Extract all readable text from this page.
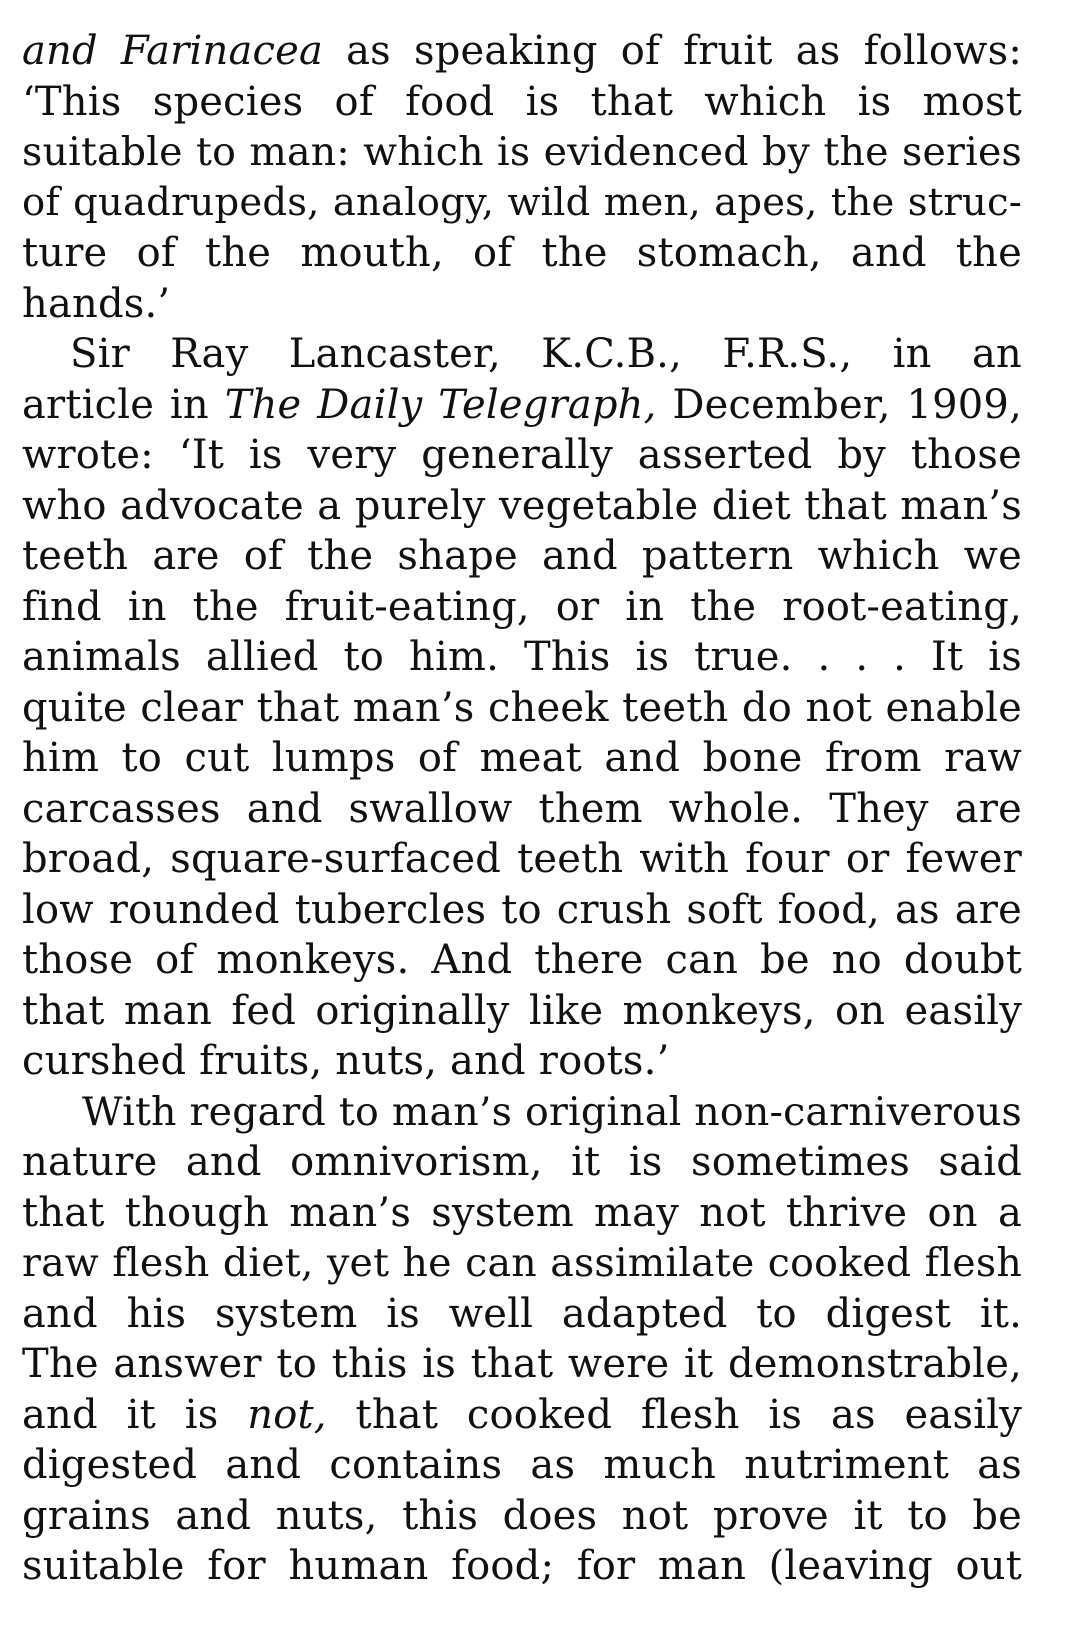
and Farinacea as speaking of fruit as follows:
‘This species of food is that which is most
suitable to man: which is evidenced by the series
of quadrupeds, analogy, wild men, apes, the struc-
ture of the mouth, of the stomach, and the
hands.’
Sir Ray Lancaster, K.C.B., F.R.S., in an
article in The Daily Telegraph, December, 1909,
wrote: ‘It is very generally asserted by those
who advocate a purely vegetable diet that man’s
teeth are of the shape and pattern which we
find in the fruit-eating, or in the root-eating,
animals allied to him. This is true. . . . It is
quite clear that man’s cheek teeth do not enable
him to cut lumps of meat and bone from raw
carcasses and swallow them whole. They are
broad, square-surfaced teeth with four or fewer
low rounded tubercles to crush soft food, as are
those of monkeys. And there can be no doubt
that man fed originally like monkeys, on easily
curshed fruits, nuts, and roots.’
With regard to man’s original non-carniverous
nature and omnivorism, it is sometimes said
that though man’s system may not thrive on a
raw flesh diet, yet he can assimilate cooked flesh
and his system is well adapted to digest it.
The answer to this is that were it demonstrable,
and it is not, that cooked flesh is as easily
digested and contains as much nutriment as
grains and nuts, this does not prove it to be
suitable for human food; for man (leaving out
